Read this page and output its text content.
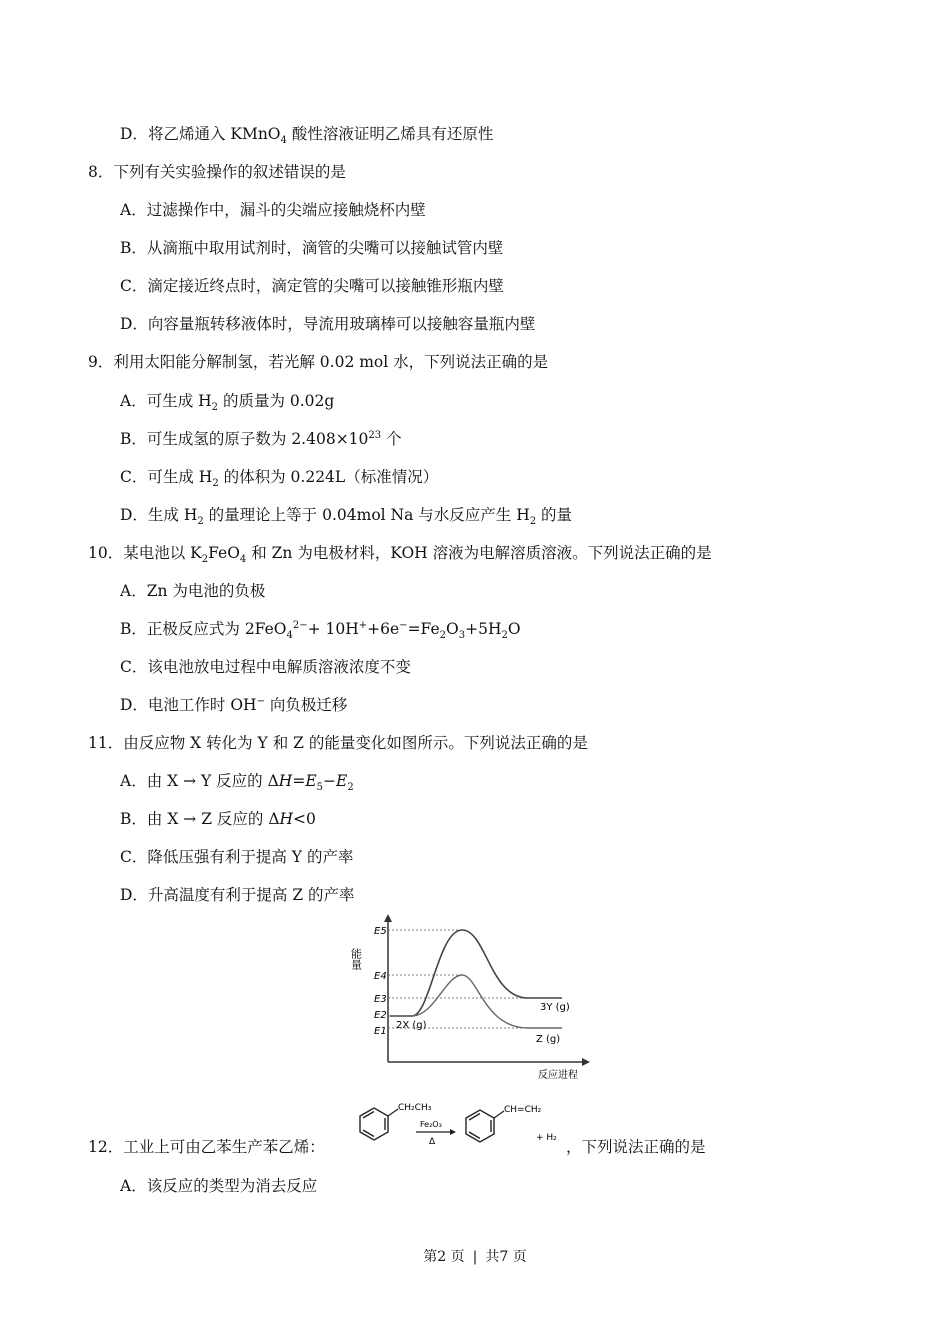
D．将乙烯通入 KMnO$_4$ 酸性溶液证明乙烯具有还原性
8．下列有关实验操作的叙述错误的是
A．过滤操作中，漏斗的尖端应接触烧杯内壁
B．从滴瓶中取用试剂时，滴管的尖嘴可以接触试管内壁
C．滴定接近终点时，滴定管的尖嘴可以接触锥形瓶内壁
D．向容量瓶转移液体时，导流用玻璃棒可以接触容量瓶内壁
9．利用太阳能分解制氢，若光解 0.02 mol 水，下列说法正确的是
A．可生成 $H_2$ 的质量为 0.02g
B．可生成氢的原子数为 $2.408\times 10^{23}$ 个
C．可生成 $H_2$ 的体积为 0.224L（标准情况）
D．生成 $H_2$ 的量理论上等于 0.04mol Na 与水反应产生 $H_2$ 的量
10．某电池以 $K_2FeO_4$ 和 Zn 为电极材料，KOH 溶液为电解溶质溶液。下列说法正确的是
A．Zn 为电池的负极
B．正极反应式为 $2FeO_4^{2-}+ 10H^++6e^-=Fe_2O_3+5H_2O$
C．该电池放电过程中电解质溶液浓度不变
D．电池工作时 OH− 向负极迁移
11．由反应物 X 转化为 Y 和 Z 的能量变化如图所示。下列说法正确的是
A．由 X → Y 反应的 $\Delta H=E_5-E_2$
B．由 X → Z 反应的 ΔH<0
C．降低压强有利于提高 Y 的产率
D．升高温度有利于提高 Z 的产率
能量
E5
E4
E3
E2
E1
2X (g)
3Y (g)
Z (g)
反应进程
12．工业上可由乙苯生产苯乙烯：	，下列说法正确的是
CH₂CH₃
Fe₂O₃
Δ
CH=CH₂
+ H₂
A．该反应的类型为消去反应
第2 页 | 共7 页
